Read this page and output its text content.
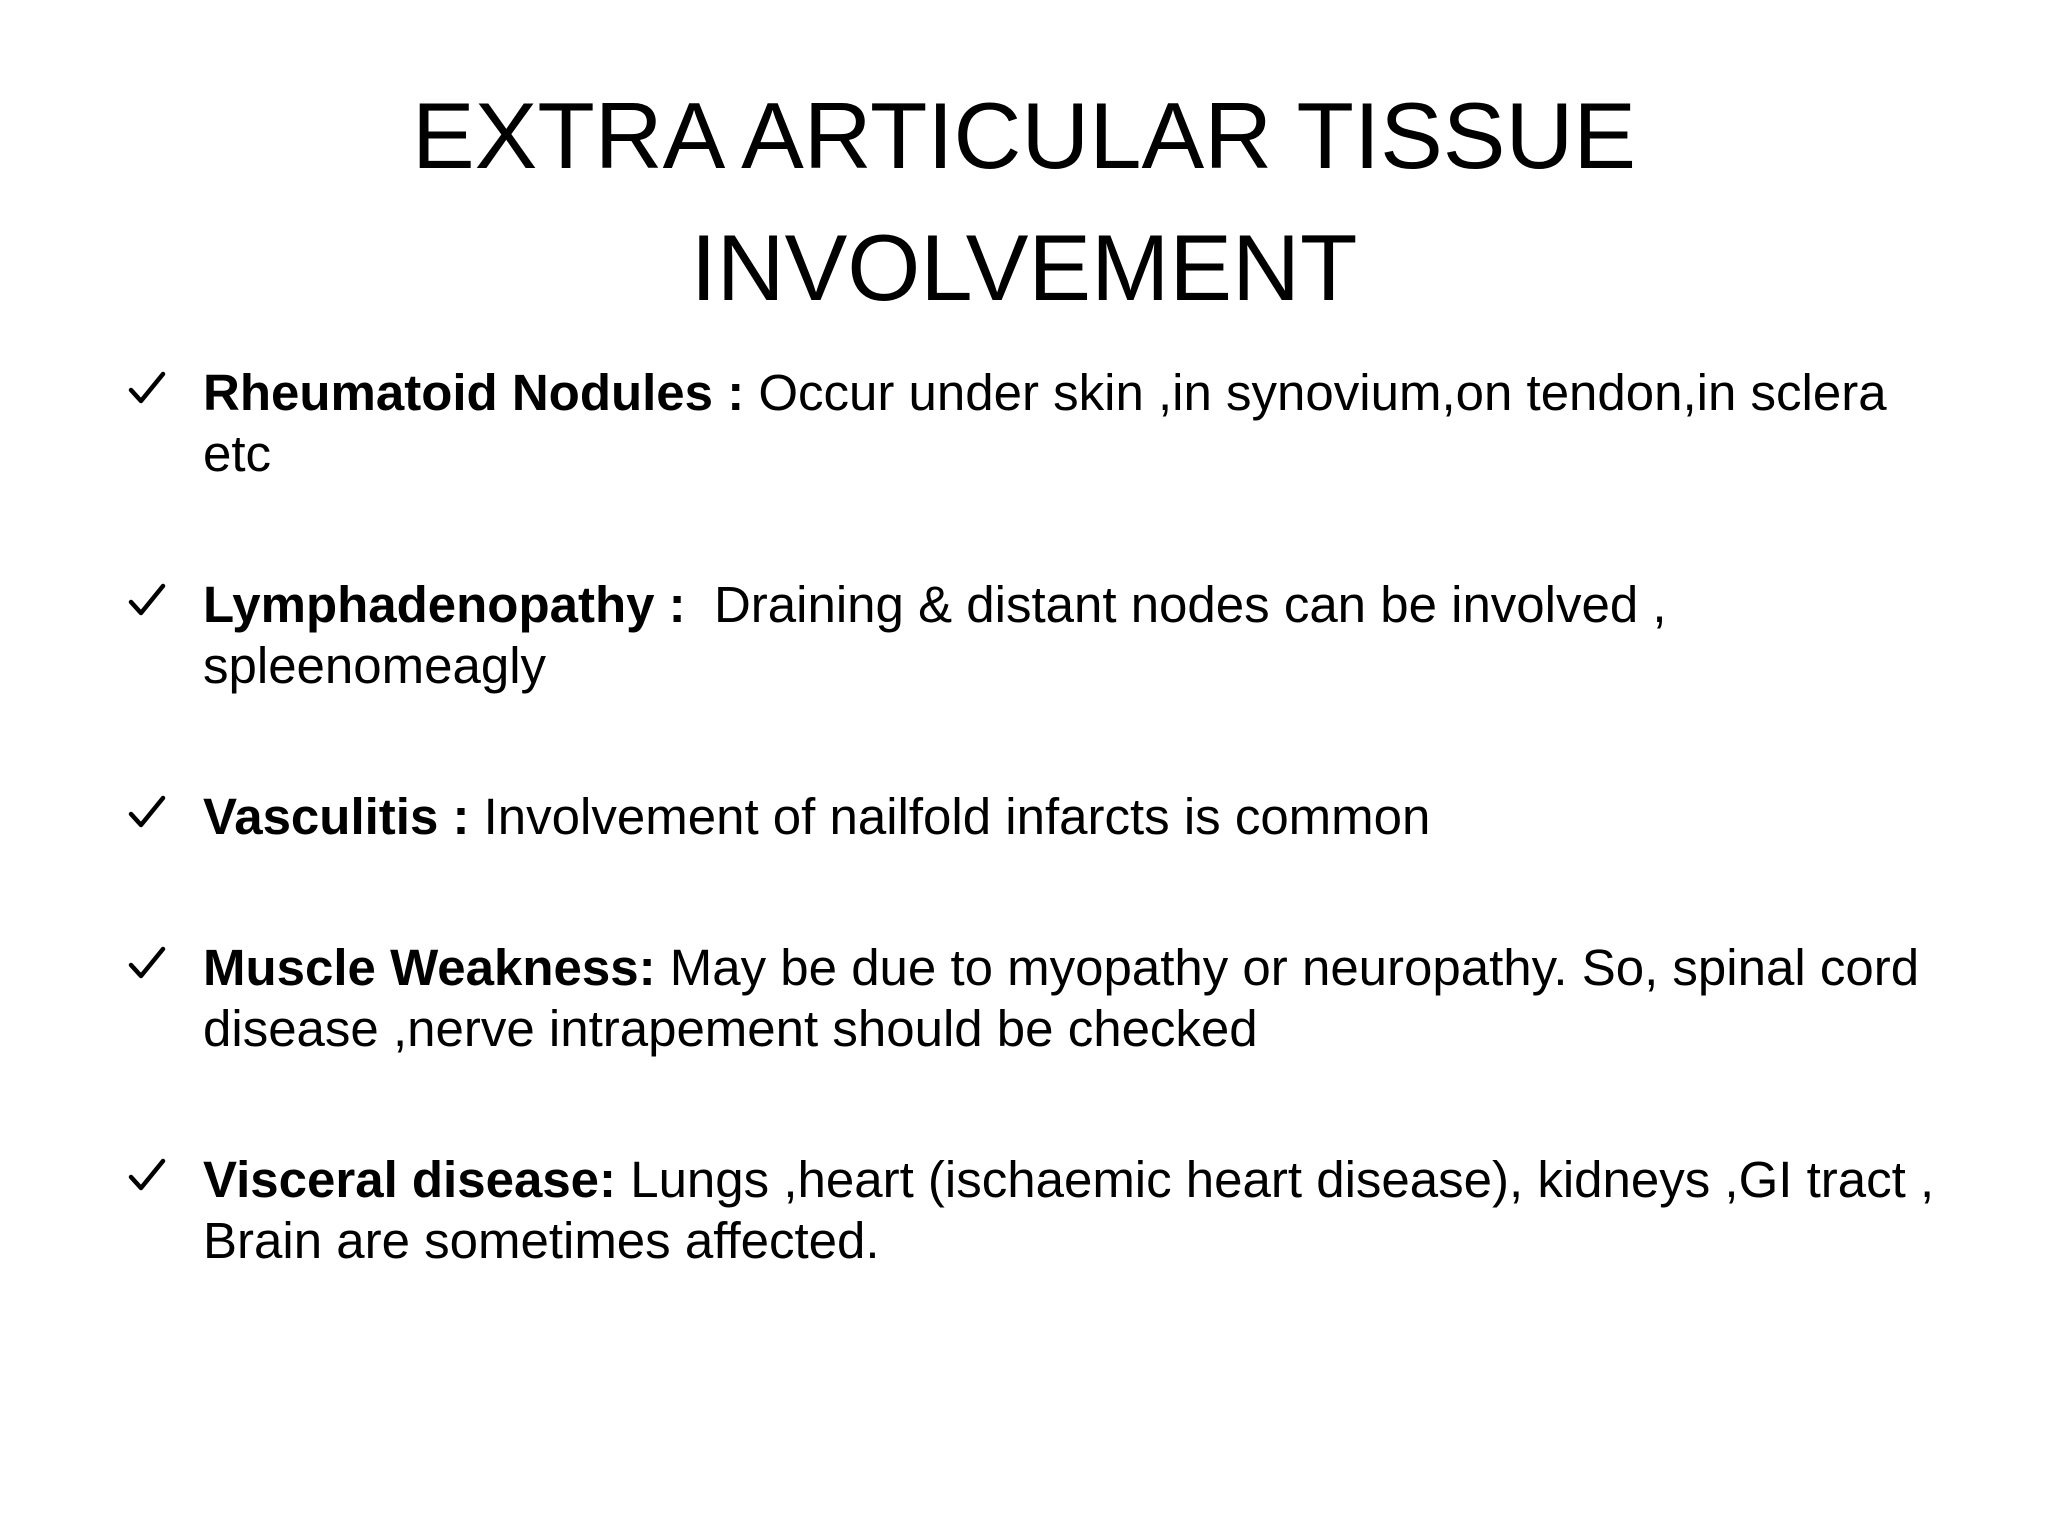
EXTRA ARTICULAR TISSUE
INVOLVEMENT
Rheumatoid Nodules : Occur under skin ,in synovium,on tendon,in sclera etc
Lymphadenopathy :  Draining & distant nodes can be involved , spleenomeagly
Vasculitis : Involvement of nailfold infarcts is common
Muscle Weakness: May be due to myopathy or neuropathy. So, spinal cord disease ,nerve intrapement should be checked
Visceral disease: Lungs ,heart (ischaemic heart disease), kidneys ,GI tract , Brain are sometimes affected.
